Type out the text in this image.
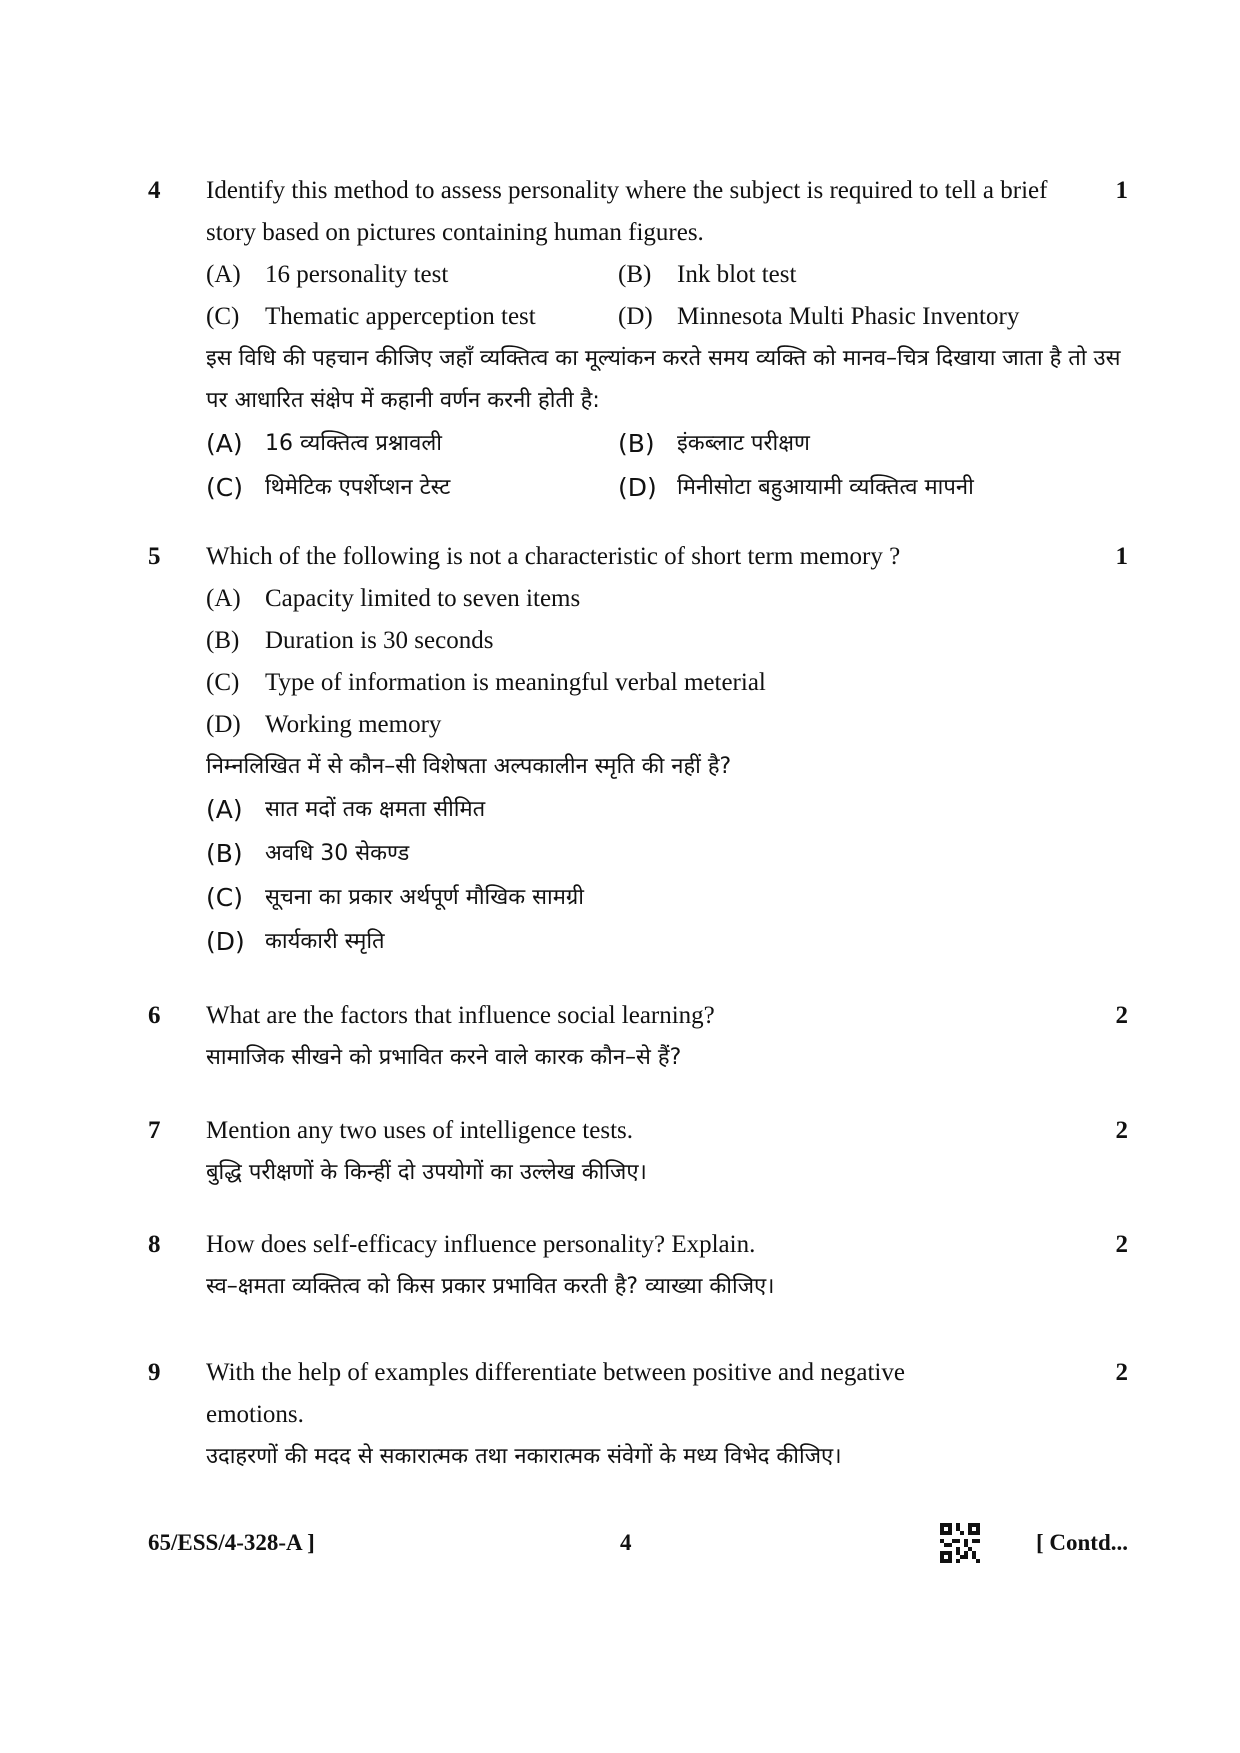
4	1
Identify this method to assess personality where the subject is required to tell a brief story based on pictures containing human figures.
(A) 16 personality test	(B)	Ink blot test
(C)	Thematic apperception test	(D) Minnesota Multi Phasic Inventory
इस विधि की पहचान कीजिए जहाँ व्यक्तित्व का मूल्यांकन करते समय व्यक्ति को मानव–चित्र दिखाया जाता है तो उस पर आधारित संक्षेप में कहानी वर्णन करनी होती है:
(A)	16 व्यक्तित्व प्रश्नावली	(B)	इंकब्लाट परीक्षण
(C)	थिमेटिक एपर्शेप्शन टेस्ट	(D) मिनीसोटा बहुआयामी व्यक्तित्व मापनी
5	1
Which of the following is not a characteristic of short term memory ?
(A) Capacity limited to seven items
(B)	Duration is 30 seconds
(C)	Type of information is meaningful verbal meterial
(D) Working memory
निम्नलिखित में से कौन–सी विशेषता अल्पकालीन स्मृति की नहीं है?
(A)	सात मदों तक क्षमता सीमित
(B)	अवधि 30 सेकण्ड
(C)	सूचना का प्रकार अर्थपूर्ण मौखिक सामग्री
(D) कार्यकारी स्मृति
6	2
What are the factors that influence social learning?
सामाजिक सीखने को प्रभावित करने वाले कारक कौन–से हैं?
7	2
Mention any two uses of intelligence tests.
बुद्धि परीक्षणों के किन्हीं दो उपयोगों का उल्लेख कीजिए।
8	2
How does self-efficacy influence personality? Explain.
स्व–क्षमता व्यक्तित्व को किस प्रकार प्रभावित करती है? व्याख्या कीजिए।
9	2
With the help of examples differentiate between positive and negative emotions.
उदाहरणों की मदद से सकारात्मक तथा नकारात्मक संवेगों के मध्य विभेद कीजिए।
65/ESS/4-328-A ]	4	[ Contd...
